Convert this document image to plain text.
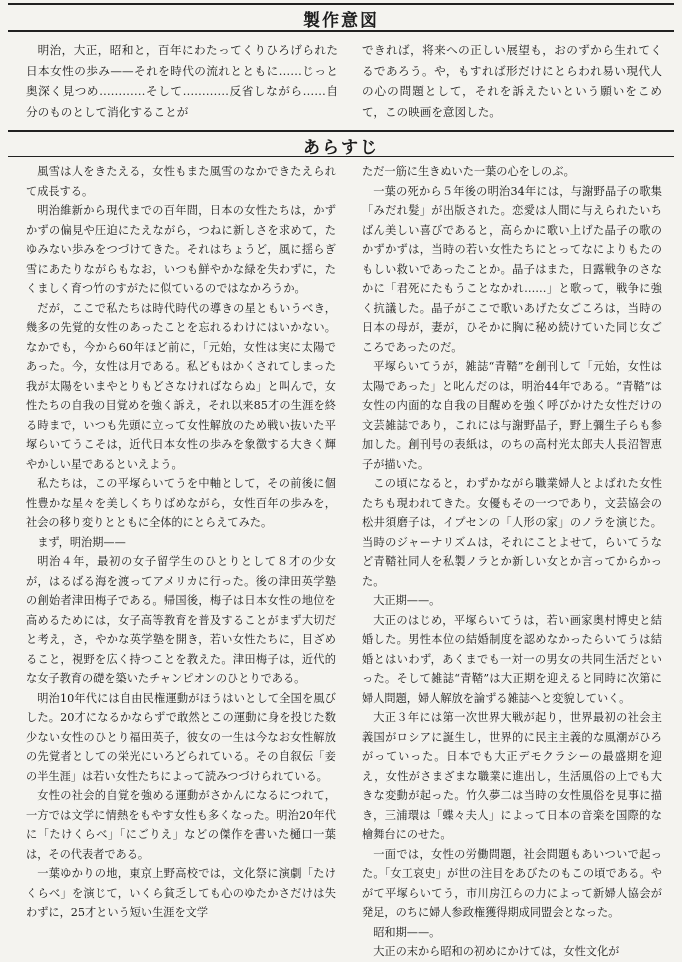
製作意図

明治，大正，昭和と，百年にわたってくりひろげられた日本女性の歩み——それを時代の流れとともに……じっと奥深く見つめ…………そして…………反省しながら……自分のものとして消化することが

できれば，将来への正しい展望も，おのずから生れてくるであろう。や，もすれば形だけにとらわれ易い現代人の心の問題として，それを訴えたいという願いをこめて，この映画を意図した。

あらすじ

風雪は人をきたえる，女性もまた風雪のなかできたえられて成長する。

明治維新から現代までの百年間，日本の女性たちは，かずかずの偏見や圧迫にたえながら，つねに新しさを求めて，たゆみない歩みをつづけてきた。それはちょうど，風に揺らぎ雪にあたりながらもなお，いつも鮮やかな緑を失わずに，たくましく育つ竹のすがたに似ているのではなかろうか。

だが，ここで私たちは時代時代の導きの星ともいうべき，幾多の先覚的女性のあったことを忘れるわけにはいかない。なかでも，今から60年ほど前に，「元始，女性は実に太陽であった。今，女性は月である。私どもはかくされてしまった我が太陽をいまやとりもどさなければならぬ」と叫んで，女性たちの自我の目覚めを強く訴え，それ以来85才の生涯を終る時まで，いつも先頭に立って女性解放のため戦い抜いた平塚らいてうこそは，近代日本女性の歩みを象徴する大きく輝やかしい星であるといえよう。

私たちは，この平塚らいてうを中軸として，その前後に個性豊かな星々を美しくちりばめながら，女性百年の歩みを，社会の移り変りとともに全体的にとらえてみた。

まず，明治期——

明治４年，最初の女子留学生のひとりとして８才の少女が，はるばる海を渡ってアメリカに行った。後の津田英学塾の創始者津田梅子である。帰国後，梅子は日本女性の地位を高めるためには，女子高等教育を普及することがまず大切だと考え，さ，やかな英学塾を開き，若い女性たちに，目ざめること，視野を広く持つことを教えた。津田梅子は，近代的な女子教育の礎を築いたチャンピオンのひとりである。

明治10年代には自由民権運動がほうはいとして全国を風びした。20才になるかならずで敢然とこの運動に身を投じた数少ない女性のひとり福田英子，彼女の一生は今なお女性解放の先覚者としての栄光にいろどられている。その自叙伝「妾の半生涯」は若い女性たちによって読みつづけられている。

女性の社会的自覚を強める運動がさかんになるにつれて，一方では文学に情熱をもやす女性も多くなった。明治20年代に「たけくらべ」「にごりえ」などの傑作を書いた樋口一葉は，その代表者である。

一葉ゆかりの地，東京上野高校では，文化祭に演劇「たけくらべ」を演じて，いくら貧乏しても心のゆたかさだけは失わずに，25才という短い生涯を文学

ただ一筋に生きぬいた一葉の心をしのぶ。

一葉の死から５年後の明治34年には，与謝野晶子の歌集「みだれ髪」が出版された。恋愛は人間に与えられたいちばん美しい喜びであると，高らかに歌い上げた晶子の歌のかずかずは，当時の若い女性たちにとってなによりもたのもしい救いであったことか。晶子はまた，日露戦争のさなかに「君死にたもうことなかれ……」と歌って，戦争に強く抗議した。晶子がここで歌いあげた女ごころは，当時の日本の母が，妻が，ひそかに胸に秘め続けていた同じ女ごころであったのだ。

平塚らいてうが，雑誌“青鞜”を創刊して「元始，女性は太陽であった」と叱んだのは，明治44年である。“青鞜”は女性の内面的な自我の目醒めを強く呼びかけた女性だけの文芸雑誌であり，これには与謝野晶子，野上彌生子らも参加した。創刊号の表紙は，のちの高村光太郎夫人長沼智恵子が描いた。

この頃になると，わずかながら職業婦人とよばれた女性たちも現われてきた。女優もその一つであり，文芸協会の松井須磨子は，イプセンの「人形の家」のノラを演じた。当時のジャーナリズムは，それにことよせて，らいてうなど青鞜社同人を私製ノラとか新しい女とか言ってからかった。

大正期——。

大正のはじめ，平塚らいてうは，若い画家奥村博史と結婚した。男性本位の結婚制度を認めなかったらいてうは結婚とはいわず，あくまでも一対一の男女の共同生活だといった。そして雑誌“青鞜”は大正期を迎えると同時に次第に婦人問題，婦人解放を論ずる雑誌へと変貌していく。

大正３年には第一次世界大戦が起り，世界最初の社会主義国がロシアに誕生し，世界的に民主主義的な風潮がひろがっていった。日本でも大正デモクラシーの最盛期を迎え，女性がさまざまな職業に進出し，生活風俗の上でも大きな変動が起った。竹久夢二は当時の女性風俗を見事に描き，三浦環は「蝶々夫人」によって日本の音楽を国際的な檜舞台にのせた。

一面では，女性の労働問題，社会問題もあいついで起った。「女工哀史」が世の注目をあびたのもこの頃である。やがて平塚らいてう，市川房江らの力によって新婦人協会が発足，のちに婦人参政権獲得期成同盟会となった。

昭和期——。

大正の末から昭和の初めにかけては，女性文化が
